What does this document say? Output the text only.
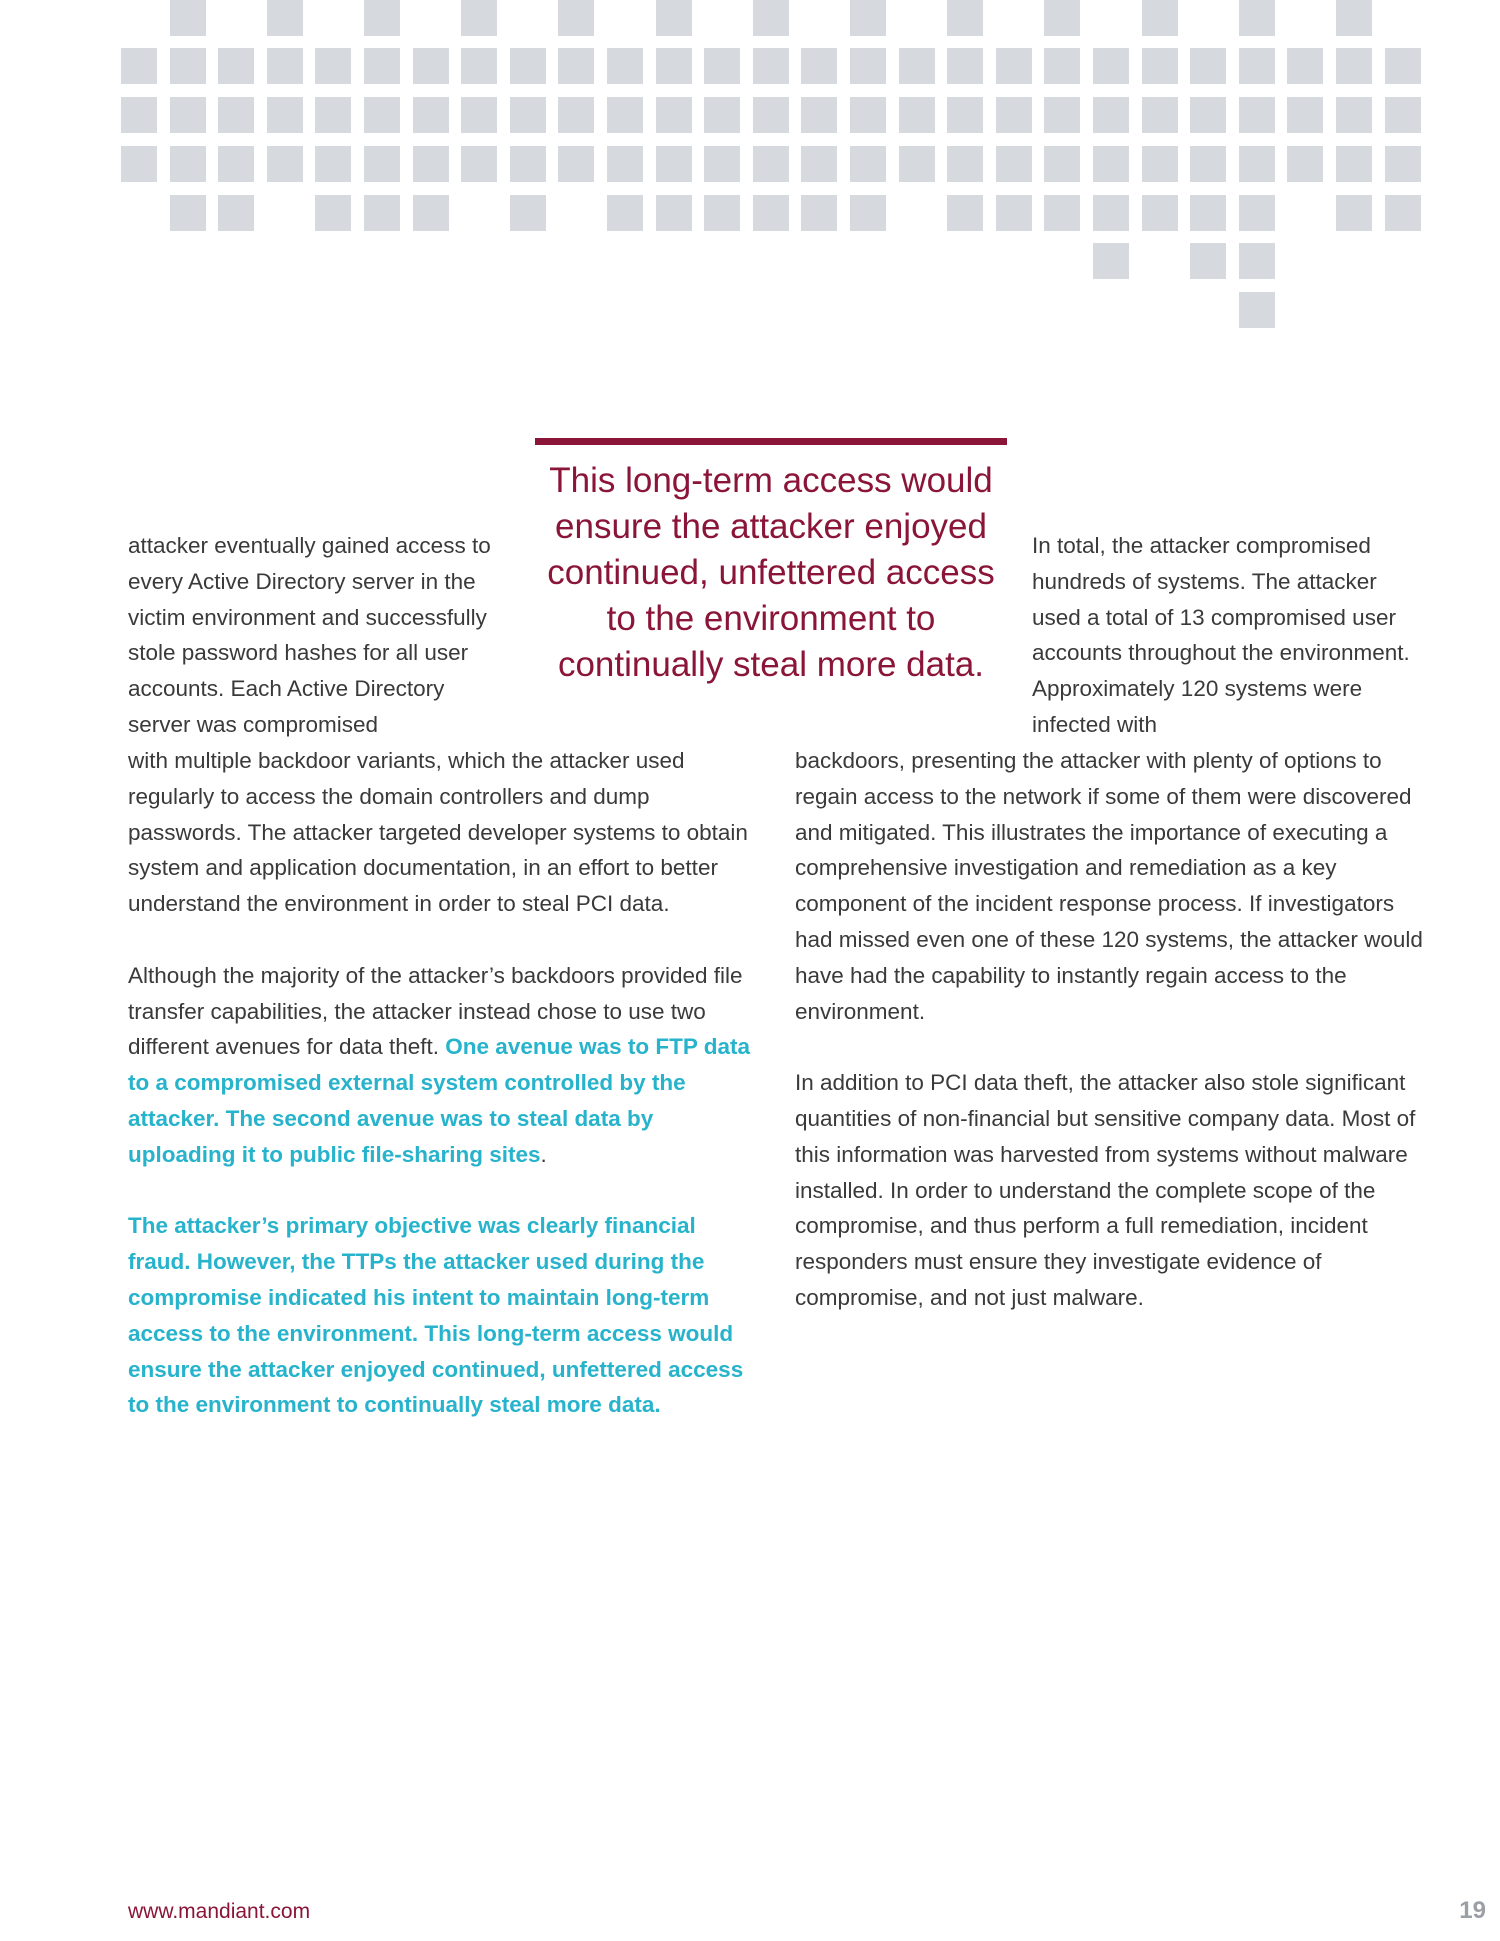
This long-term access would ensure the attacker enjoyed continued, unfettered access to the environment to continually steal more data.

attacker eventually gained access to every Active Directory server in the victim environment and successfully stole password hashes for all user accounts. Each Active Directory server was compromised

with multiple backdoor variants, which the attacker used regularly to access the domain controllers and dump passwords. The attacker targeted developer systems to obtain system and application documentation, in an effort to better understand the environment in order to steal PCI data.

Although the majority of the attacker’s backdoors provided file transfer capabilities, the attacker instead chose to use two different avenues for data theft. One avenue was to FTP data to a compromised external system controlled by the attacker. The second avenue was to steal data by uploading it to public file-sharing sites.

The attacker’s primary objective was clearly financial fraud. However, the TTPs the attacker used during the compromise indicated his intent to maintain long-term access to the environment. This long-term access would ensure the attacker enjoyed continued, unfettered access to the environment to continually steal more data.

In total, the attacker compromised hundreds of systems. The attacker used a total of 13 compromised user accounts throughout the environment. Approximately 120 systems were infected with

backdoors, presenting the attacker with plenty of options to regain access to the network if some of them were discovered and mitigated. This illustrates the importance of executing a comprehensive investigation and remediation as a key component of the incident response process. If investigators had missed even one of these 120 systems, the attacker would have had the capability to instantly regain access to the environment.

In addition to PCI data theft, the attacker also stole significant quantities of non-financial but sensitive company data. Most of this information was harvested from systems without malware installed. In order to understand the complete scope of the compromise, and thus perform a full remediation, incident responders must ensure they investigate evidence of compromise, and not just malware.

www.mandiant.com	19
